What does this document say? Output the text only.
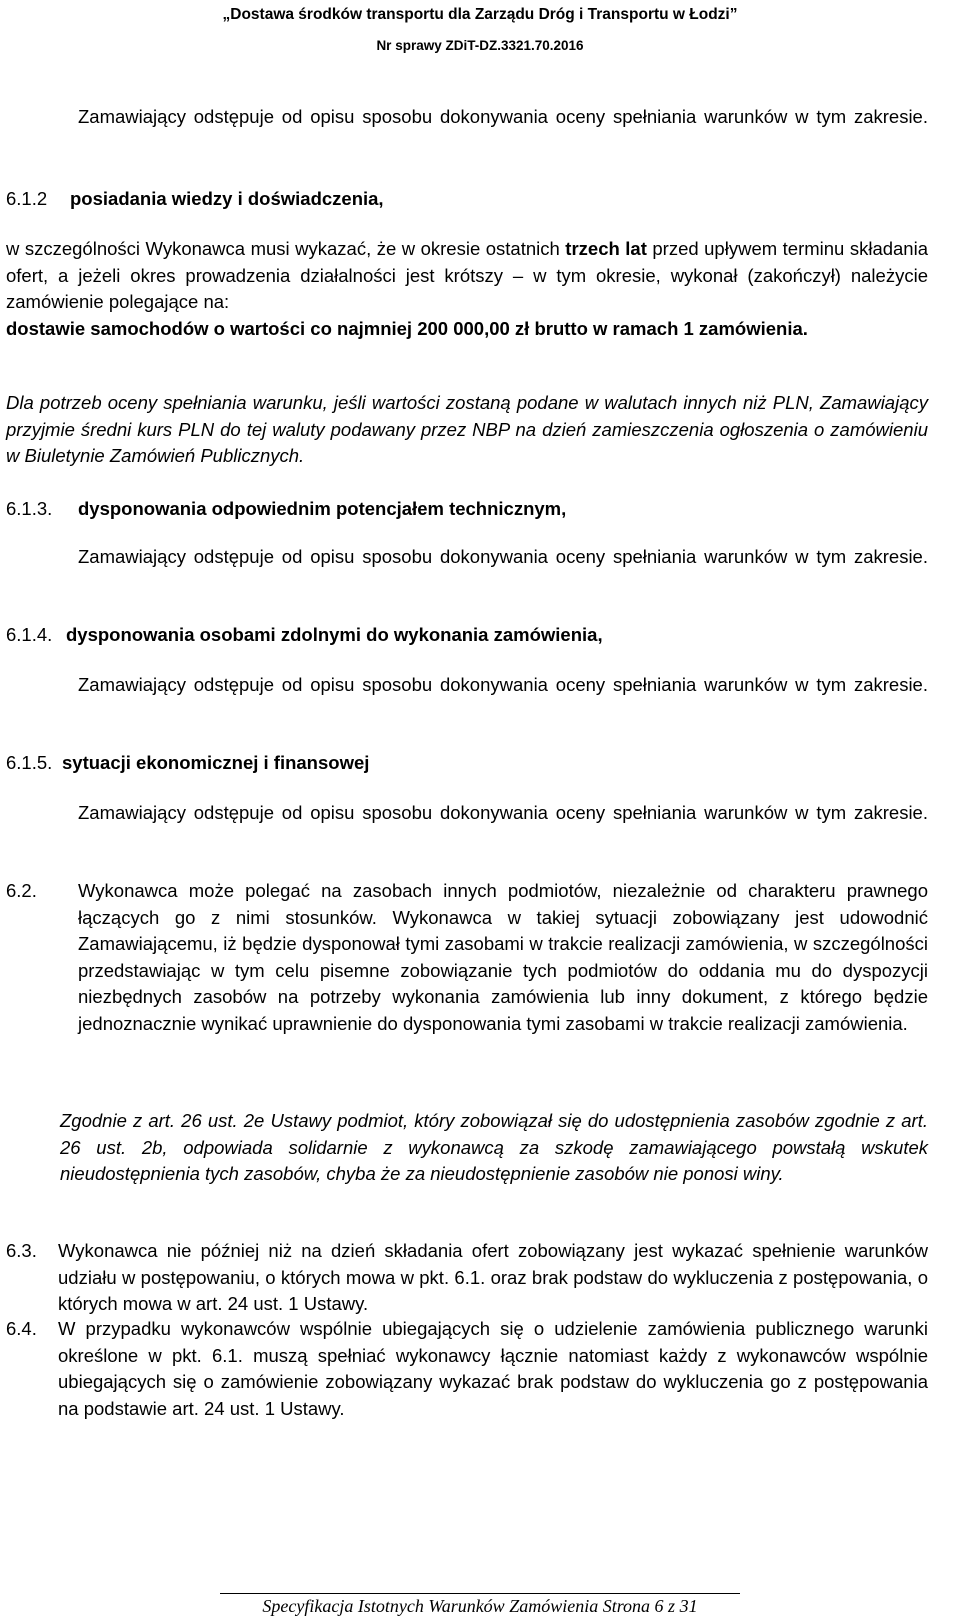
„Dostawa środków transportu dla Zarządu Dróg i Transportu w Łodzi”
Nr sprawy ZDiT-DZ.3321.70.2016

Zamawiający odstępuje od opisu sposobu dokonywania oceny spełniania warunków w tym zakresie.

6.1.2 posiadania wiedzy i doświadczenia,

w szczególności Wykonawca musi wykazać, że w okresie ostatnich trzech lat przed upływem terminu składania ofert, a jeżeli okres prowadzenia działalności jest krótszy – w tym okresie, wykonał (zakończył) należycie zamówienie polegające na:

dostawie samochodów o wartości co najmniej 200 000,00 zł brutto w ramach 1 zamówienia.

Dla potrzeb oceny spełniania warunku, jeśli wartości zostaną podane w walutach innych niż PLN, Zamawiający przyjmie średni kurs PLN do tej waluty podawany przez NBP na dzień zamieszczenia ogłoszenia o zamówieniu w Biuletynie Zamówień Publicznych.

6.1.3. dysponowania odpowiednim potencjałem technicznym,

Zamawiający odstępuje od opisu sposobu dokonywania oceny spełniania warunków w tym zakresie.

6.1.4. dysponowania osobami zdolnymi do wykonania zamówienia,

Zamawiający odstępuje od opisu sposobu dokonywania oceny spełniania warunków w tym zakresie.

6.1.5. sytuacji ekonomicznej i finansowej

Zamawiający odstępuje od opisu sposobu dokonywania oceny spełniania warunków w tym zakresie.

6.2. Wykonawca może polegać na zasobach innych podmiotów, niezależnie od charakteru prawnego łączących go z nimi stosunków. Wykonawca w takiej sytuacji zobowiązany jest udowodnić Zamawiającemu, iż będzie dysponował tymi zasobami w trakcie realizacji zamówienia, w szczególności przedstawiając w tym celu pisemne zobowiązanie tych podmiotów do oddania mu do dyspozycji niezbędnych zasobów na potrzeby wykonania zamówienia lub inny dokument, z którego będzie jednoznacznie wynikać uprawnienie do dysponowania tymi zasobami w trakcie realizacji zamówienia.

Zgodnie z art. 26 ust. 2e Ustawy podmiot, który zobowiązał się do udostępnienia zasobów zgodnie z art. 26 ust. 2b, odpowiada solidarnie z wykonawcą za szkodę zamawiającego powstałą wskutek nieudostępnienia tych zasobów, chyba że za nieudostępnienie zasobów nie ponosi winy.

6.3. Wykonawca nie później niż na dzień składania ofert zobowiązany jest wykazać spełnienie warunków udziału w postępowaniu, o których mowa w pkt. 6.1. oraz brak podstaw do wykluczenia z postępowania, o których mowa w art. 24 ust. 1 Ustawy.

6.4. W przypadku wykonawców wspólnie ubiegających się o udzielenie zamówienia publicznego warunki określone w pkt. 6.1. muszą spełniać wykonawcy łącznie natomiast każdy z wykonawców wspólnie ubiegających się o zamówienie zobowiązany wykazać brak podstaw do wykluczenia go z postępowania na podstawie art. 24 ust. 1 Ustawy.

Specyfikacja Istotnych Warunków Zamówienia Strona 6 z 31
